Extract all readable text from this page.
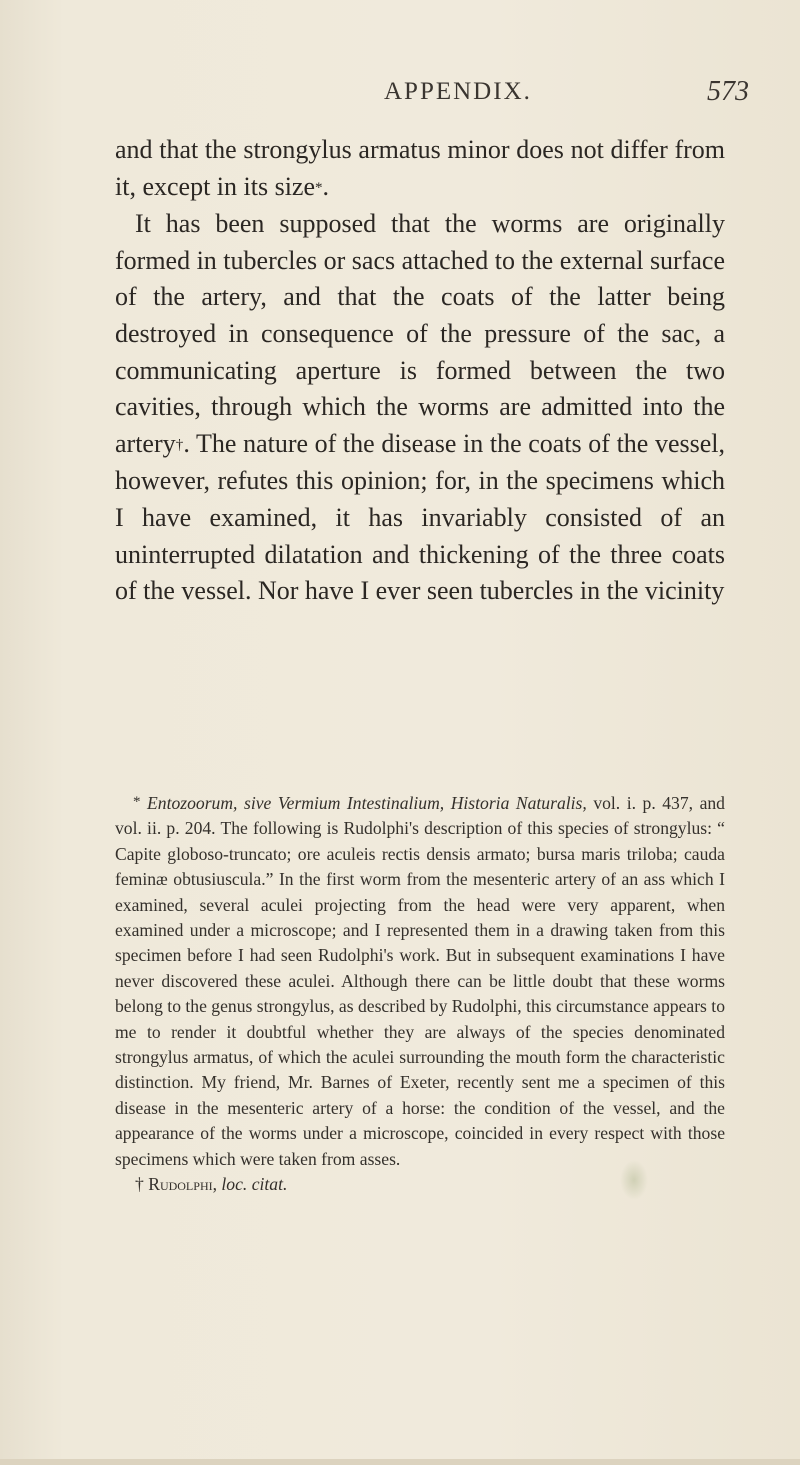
APPENDIX.	573

and that the strongylus armatus minor does not differ from it, except in its size*.

It has been supposed that the worms are originally formed in tubercles or sacs attached to the external surface of the artery, and that the coats of the latter being destroyed in consequence of the pressure of the sac, a communicating aperture is formed between the two cavities, through which the worms are admitted into the artery†. The nature of the disease in the coats of the vessel, however, refutes this opinion; for, in the specimens which I have examined, it has invariably consisted of an uninterrupted dilatation and thickening of the three coats of the vessel. Nor have I ever seen tubercles in the vicinity

* Entozoorum, sive Vermium Intestinalium, Historia Naturalis, vol. i. p. 437, and vol. ii. p. 204. The following is Rudolphi's description of this species of strongylus: “ Capite globoso-truncato; ore aculeis rectis densis armato; bursa maris triloba; cauda feminæ obtusiuscula.” In the first worm from the mesenteric artery of an ass which I examined, several aculei projecting from the head were very apparent, when examined under a microscope; and I represented them in a drawing taken from this specimen before I had seen Rudolphi's work. But in subsequent examinations I have never discovered these aculei. Although there can be little doubt that these worms belong to the genus strongylus, as described by Rudolphi, this circumstance appears to me to render it doubtful whether they are always of the species denominated strongylus armatus, of which the aculei surrounding the mouth form the characteristic distinction. My friend, Mr. Barnes of Exeter, recently sent me a specimen of this disease in the mesenteric artery of a horse: the condition of the vessel, and the appearance of the worms under a microscope, coincided in every respect with those specimens which were taken from asses.

† Rudolphi, loc. citat.
